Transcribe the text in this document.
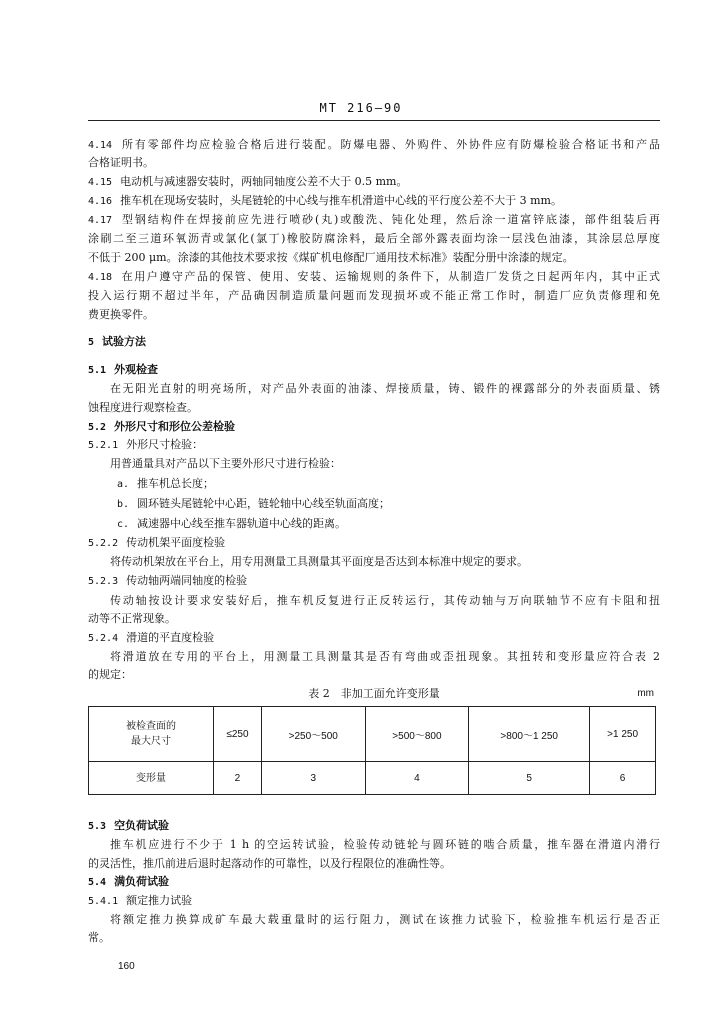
MT 216—90
4.14 所有零部件均应检验合格后进行装配。防爆电器、外购件、外协件应有防爆检验合格证书和产品
合格证明书。
4.15 电动机与减速器安装时，两轴同轴度公差不大于 0.5 mm。
4.16 推车机在现场安装时，头尾链轮的中心线与推车机滑道中心线的平行度公差不大于 3 mm。
4.17 型钢结构件在焊接前应先进行喷砂(丸)或酸洗、钝化处理，然后涂一道富锌底漆，部件组装后再
涂刷二至三道环氧沥青或氯化(氯丁)橡胶防腐涂料，最后全部外露表面均涂一层浅色油漆，其涂层总厚度
不低于 200 μm。涂漆的其他技术要求按《煤矿机电修配厂通用技术标准》装配分册中涂漆的规定。
4.18 在用户遵守产品的保管、使用、安装、运输规则的条件下，从制造厂发货之日起两年内，其中正式
投入运行期不超过半年，产品确因制造质量问题而发现损坏或不能正常工作时，制造厂应负责修理和免
费更换零件。
5 试验方法
5.1 外观检查
在无阳光直射的明亮场所，对产品外表面的油漆、焊接质量，铸、锻件的裸露部分的外表面质量、锈
蚀程度进行观察检查。
5.2 外形尺寸和形位公差检验
5.2.1 外形尺寸检验：
用普通量具对产品以下主要外形尺寸进行检验：
a. 推车机总长度；
b. 圆环链头尾链轮中心距，链轮轴中心线至轨面高度；
c. 减速器中心线至推车器轨道中心线的距离。
5.2.2 传动机架平面度检验
将传动机架放在平台上，用专用测量工具测量其平面度是否达到本标准中规定的要求。
5.2.3 传动轴两端同轴度的检验
传动轴按设计要求安装好后，推车机反复进行正反转运行，其传动轴与万向联轴节不应有卡阻和扭
动等不正常现象。
5.2.4 滑道的平直度检验
将滑道放在专用的平台上，用测量工具测量其是否有弯曲或歪扭现象。其扭转和变形量应符合表 2
的规定：
表 2　非加工面允许变形量	mm
被检查面的
最大尺寸	≤250	>250～500	>500～800	>800～1 250	>1 250
变形量	2	3	4	5	6
5.3 空负荷试验
推车机应进行不少于 1 h 的空运转试验，检验传动链轮与圆环链的啮合质量，推车器在滑道内滑行
的灵活性，推爪前进后退时起落动作的可靠性，以及行程限位的准确性等。
5.4 满负荷试验
5.4.1 额定推力试验
将额定推力换算成矿车最大载重量时的运行阻力，测试在该推力试验下，检验推车机运行是否正
常。
160
